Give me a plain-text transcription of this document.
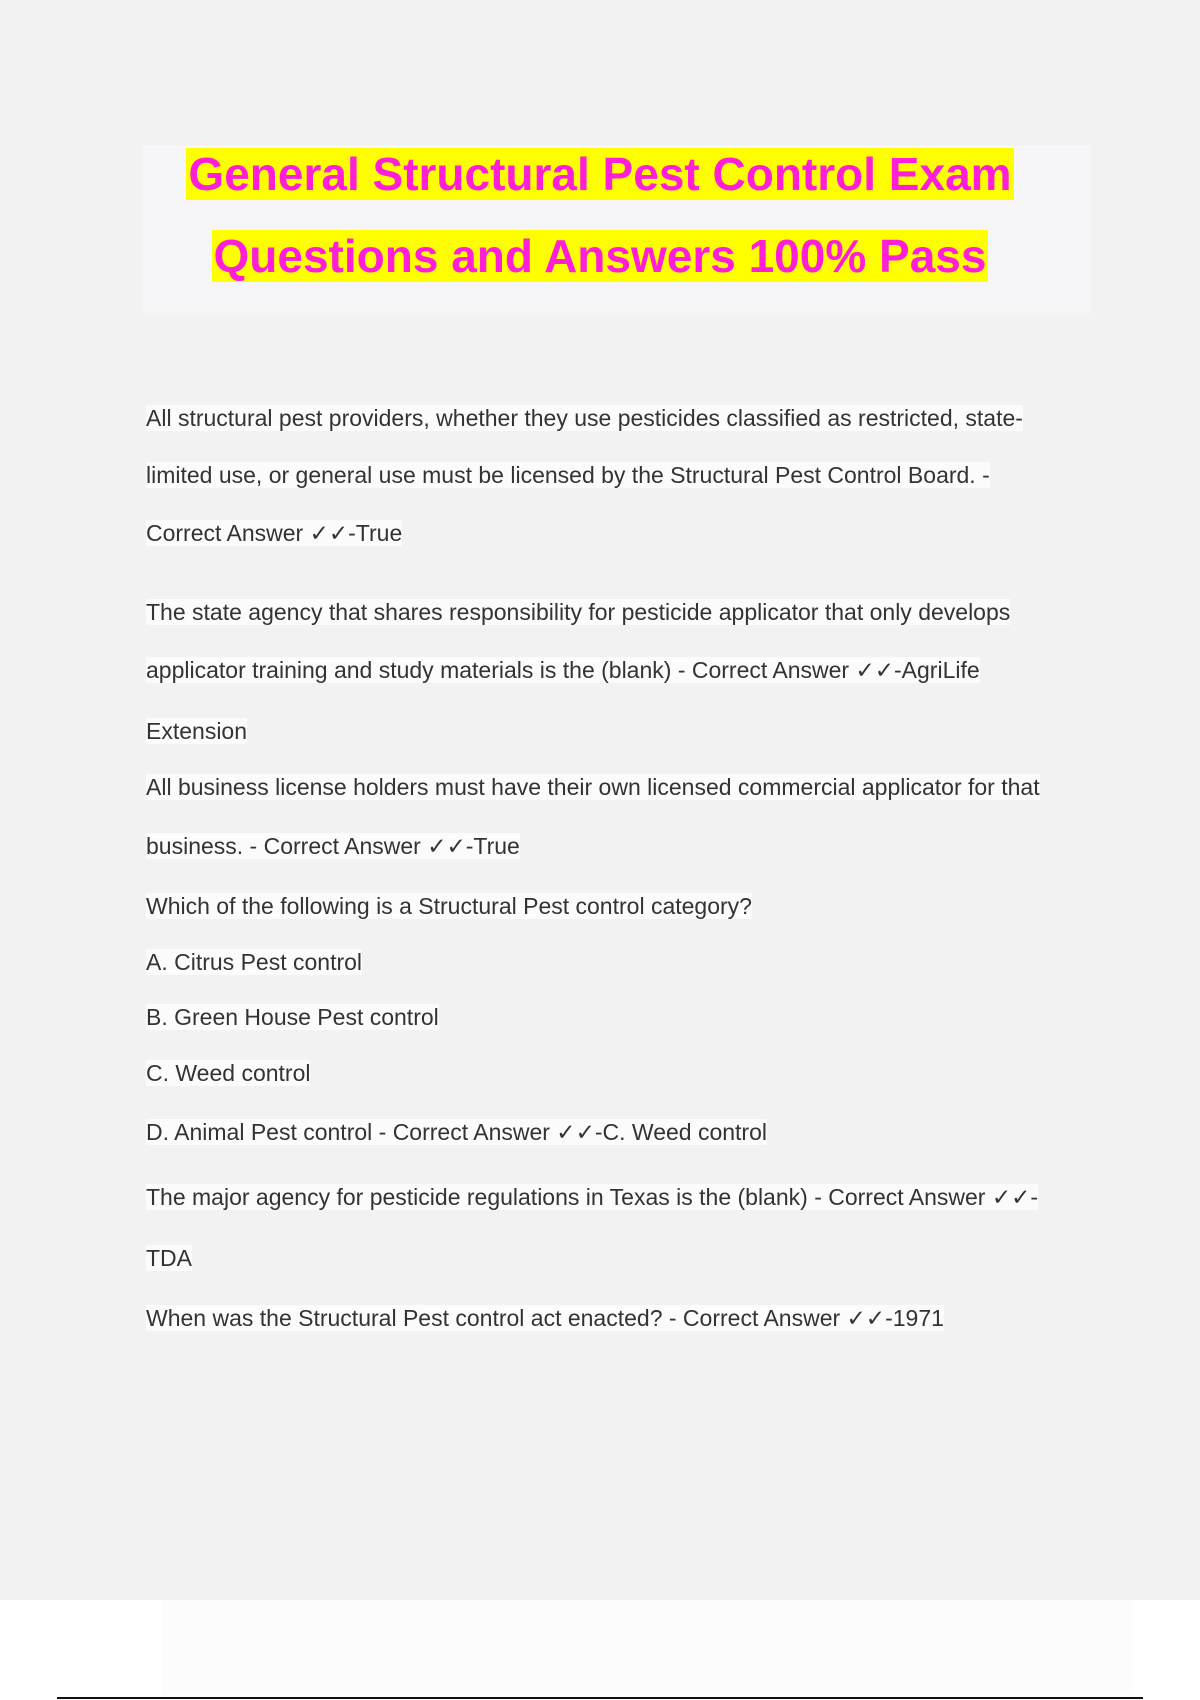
General Structural Pest Control Exam
Questions and Answers 100% Pass
All structural pest providers, whether they use pesticides classified as restricted, state-
limited use, or general use must be licensed by the Structural Pest Control Board. -
Correct Answer ✓✓-True
The state agency that shares responsibility for pesticide applicator that only develops
applicator training and study materials is the (blank) - Correct Answer ✓✓-AgriLife
Extension
All business license holders must have their own licensed commercial applicator for that
business. - Correct Answer ✓✓-True
Which of the following is a Structural Pest control category?
A. Citrus Pest control
B. Green House Pest control
C. Weed control
D. Animal Pest control - Correct Answer ✓✓-C. Weed control
The major agency for pesticide regulations in Texas is the (blank) - Correct Answer ✓✓-
TDA
When was the Structural Pest control act enacted? - Correct Answer ✓✓-1971
